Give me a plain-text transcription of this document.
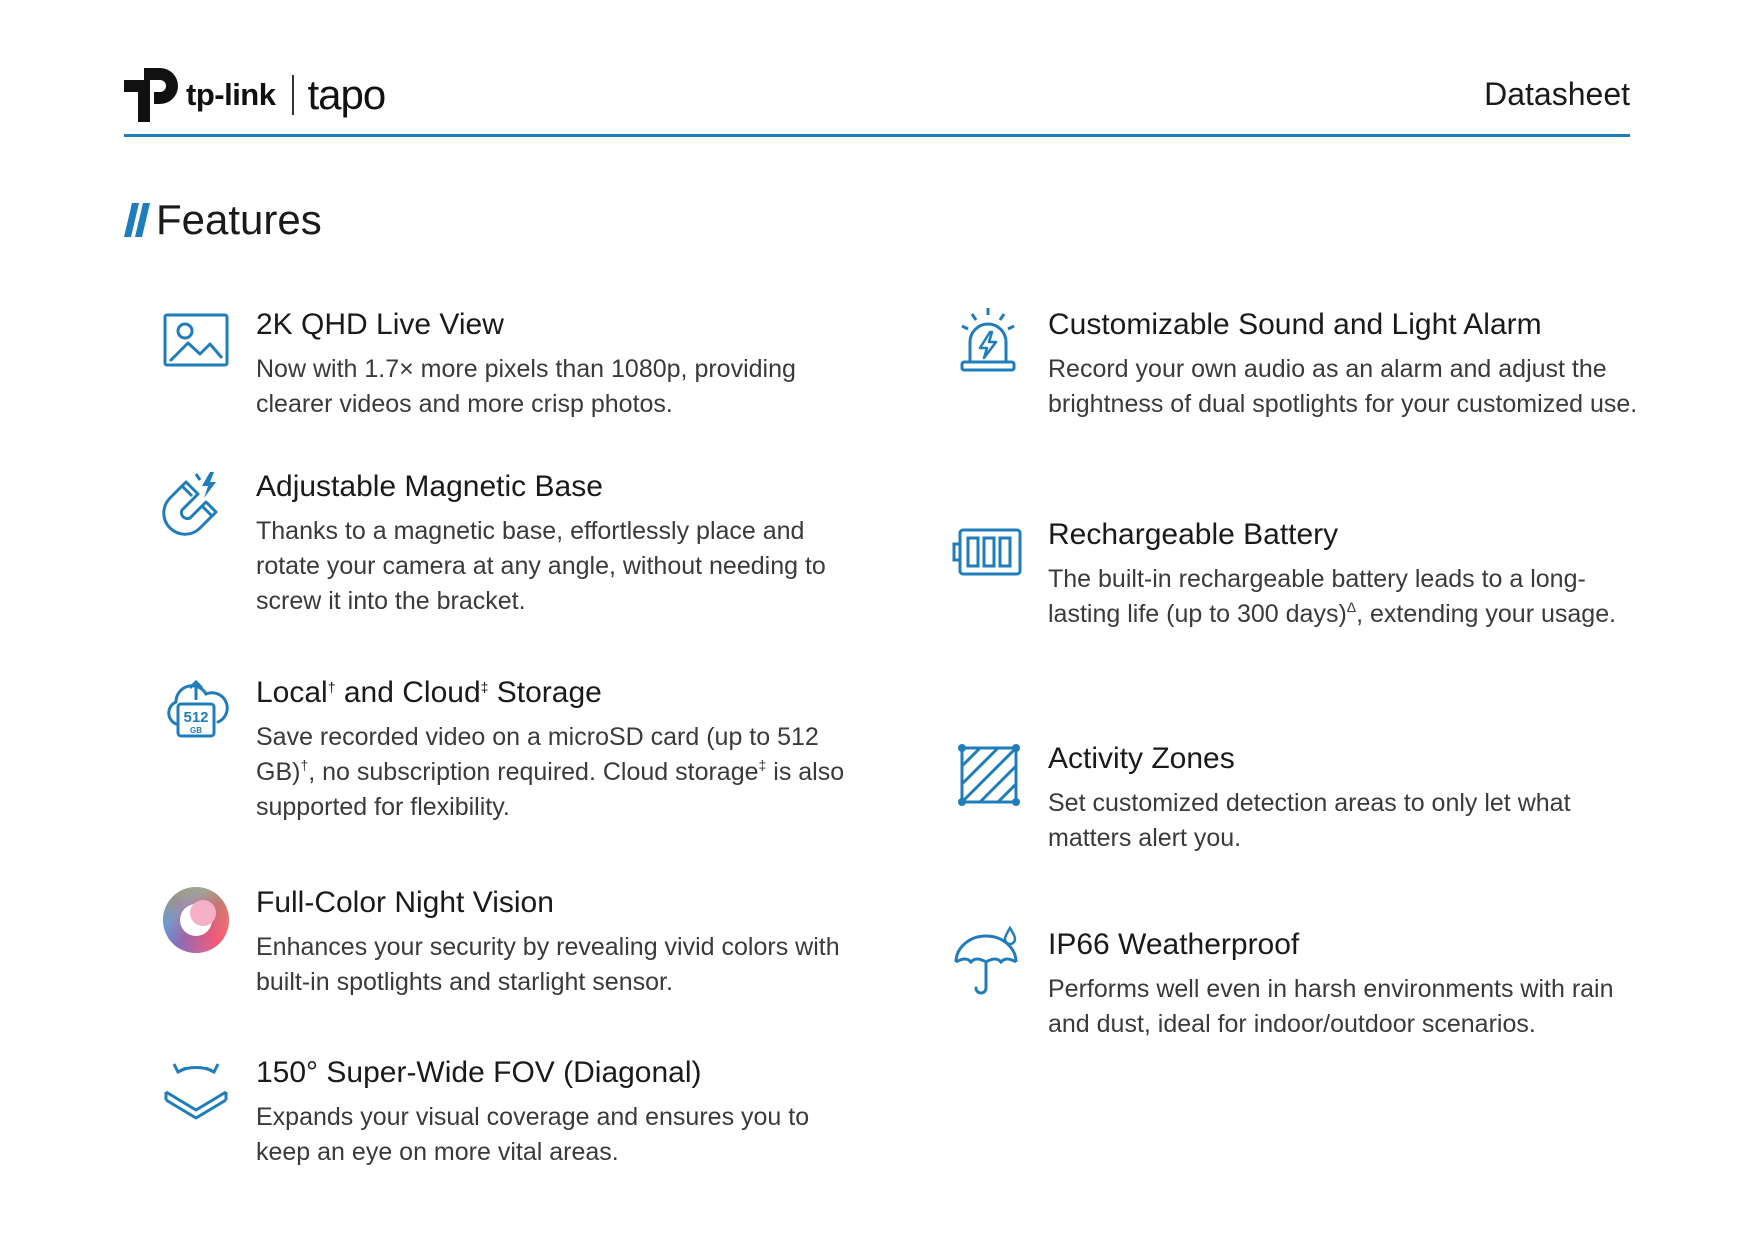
tp-link tapo	Datasheet
Features
2K QHD Live View

Now with 1.7× more pixels than 1080p, providing clearer videos and more crisp photos.

Adjustable Magnetic Base

Thanks to a magnetic base, effortlessly place and rotate your camera at any angle, without needing to screw it into the bracket.

512
GB
Local† and Cloud‡ Storage

Save recorded video on a microSD card (up to 512 GB)†, no subscription required. Cloud storage‡ is also supported for flexibility.

Full-Color Night Vision

Enhances your security by revealing vivid colors with built-in spotlights and starlight sensor.

150° Super-Wide FOV (Diagonal)

Expands your visual coverage and ensures you to keep an eye on more vital areas.

Customizable Sound and Light Alarm

Record your own audio as an alarm and adjust the brightness of dual spotlights for your customized use.

Rechargeable Battery

The built-in rechargeable battery leads to a long-lasting life (up to 300 days)$^\Delta$, extending your usage.

Activity Zones

Set customized detection areas to only let what matters alert you.

IP66 Weatherproof

Performs well even in harsh environments with rain and dust, ideal for indoor/outdoor scenarios.
